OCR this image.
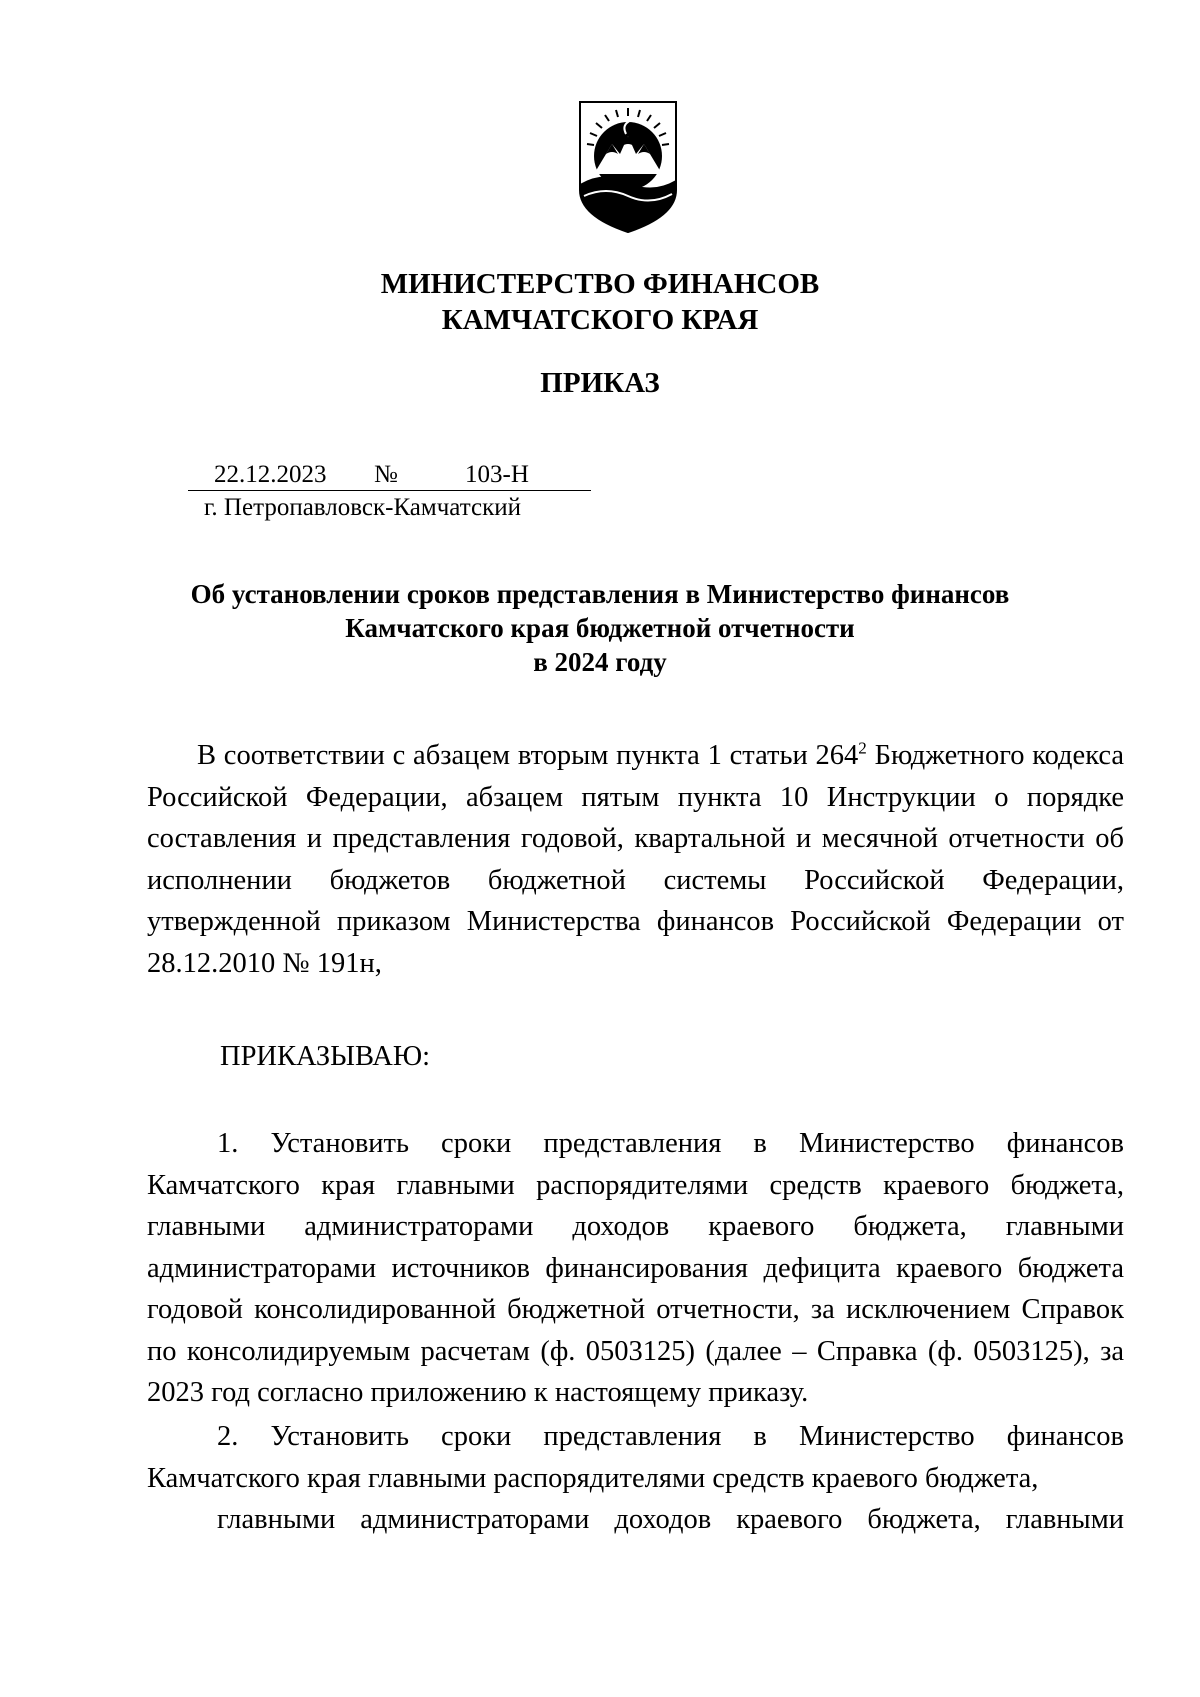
МИНИСТЕРСТВО ФИНАНСОВ
КАМЧАТСКОГО КРАЯ
ПРИКАЗ
22.12.2023 №	103-Н
г. Петропавловск-Камчатский
Об установлении сроков представления в Министерство финансов
Камчатского края бюджетной отчетности
в 2024 году
В соответствии с абзацем вторым пункта 1 статьи $264^2$ Бюджетного кодекса Российской Федерации, абзацем пятым пункта 10 Инструкции о порядке составления и представления годовой, квартальной и месячной отчетности об исполнении бюджетов бюджетной системы Российской Федерации, утвержденной приказом Министерства финансов Российской Федерации от 28.12.2010 № 191н,
ПРИКАЗЫВАЮ:
1. Установить сроки представления в Министерство финансов Камчатского края главными распорядителями средств краевого бюджета, главными администраторами доходов краевого бюджета, главными администраторами источников финансирования дефицита краевого бюджета годовой консолидированной бюджетной отчетности, за исключением Справок по консолидируемым расчетам (ф. 0503125) (далее – Справка (ф. 0503125), за 2023 год согласно приложению к настоящему приказу.
2. Установить сроки представления в Министерство финансов Камчатского края главными распорядителями средств краевого бюджета,
главными администраторами доходов краевого бюджета, главными
